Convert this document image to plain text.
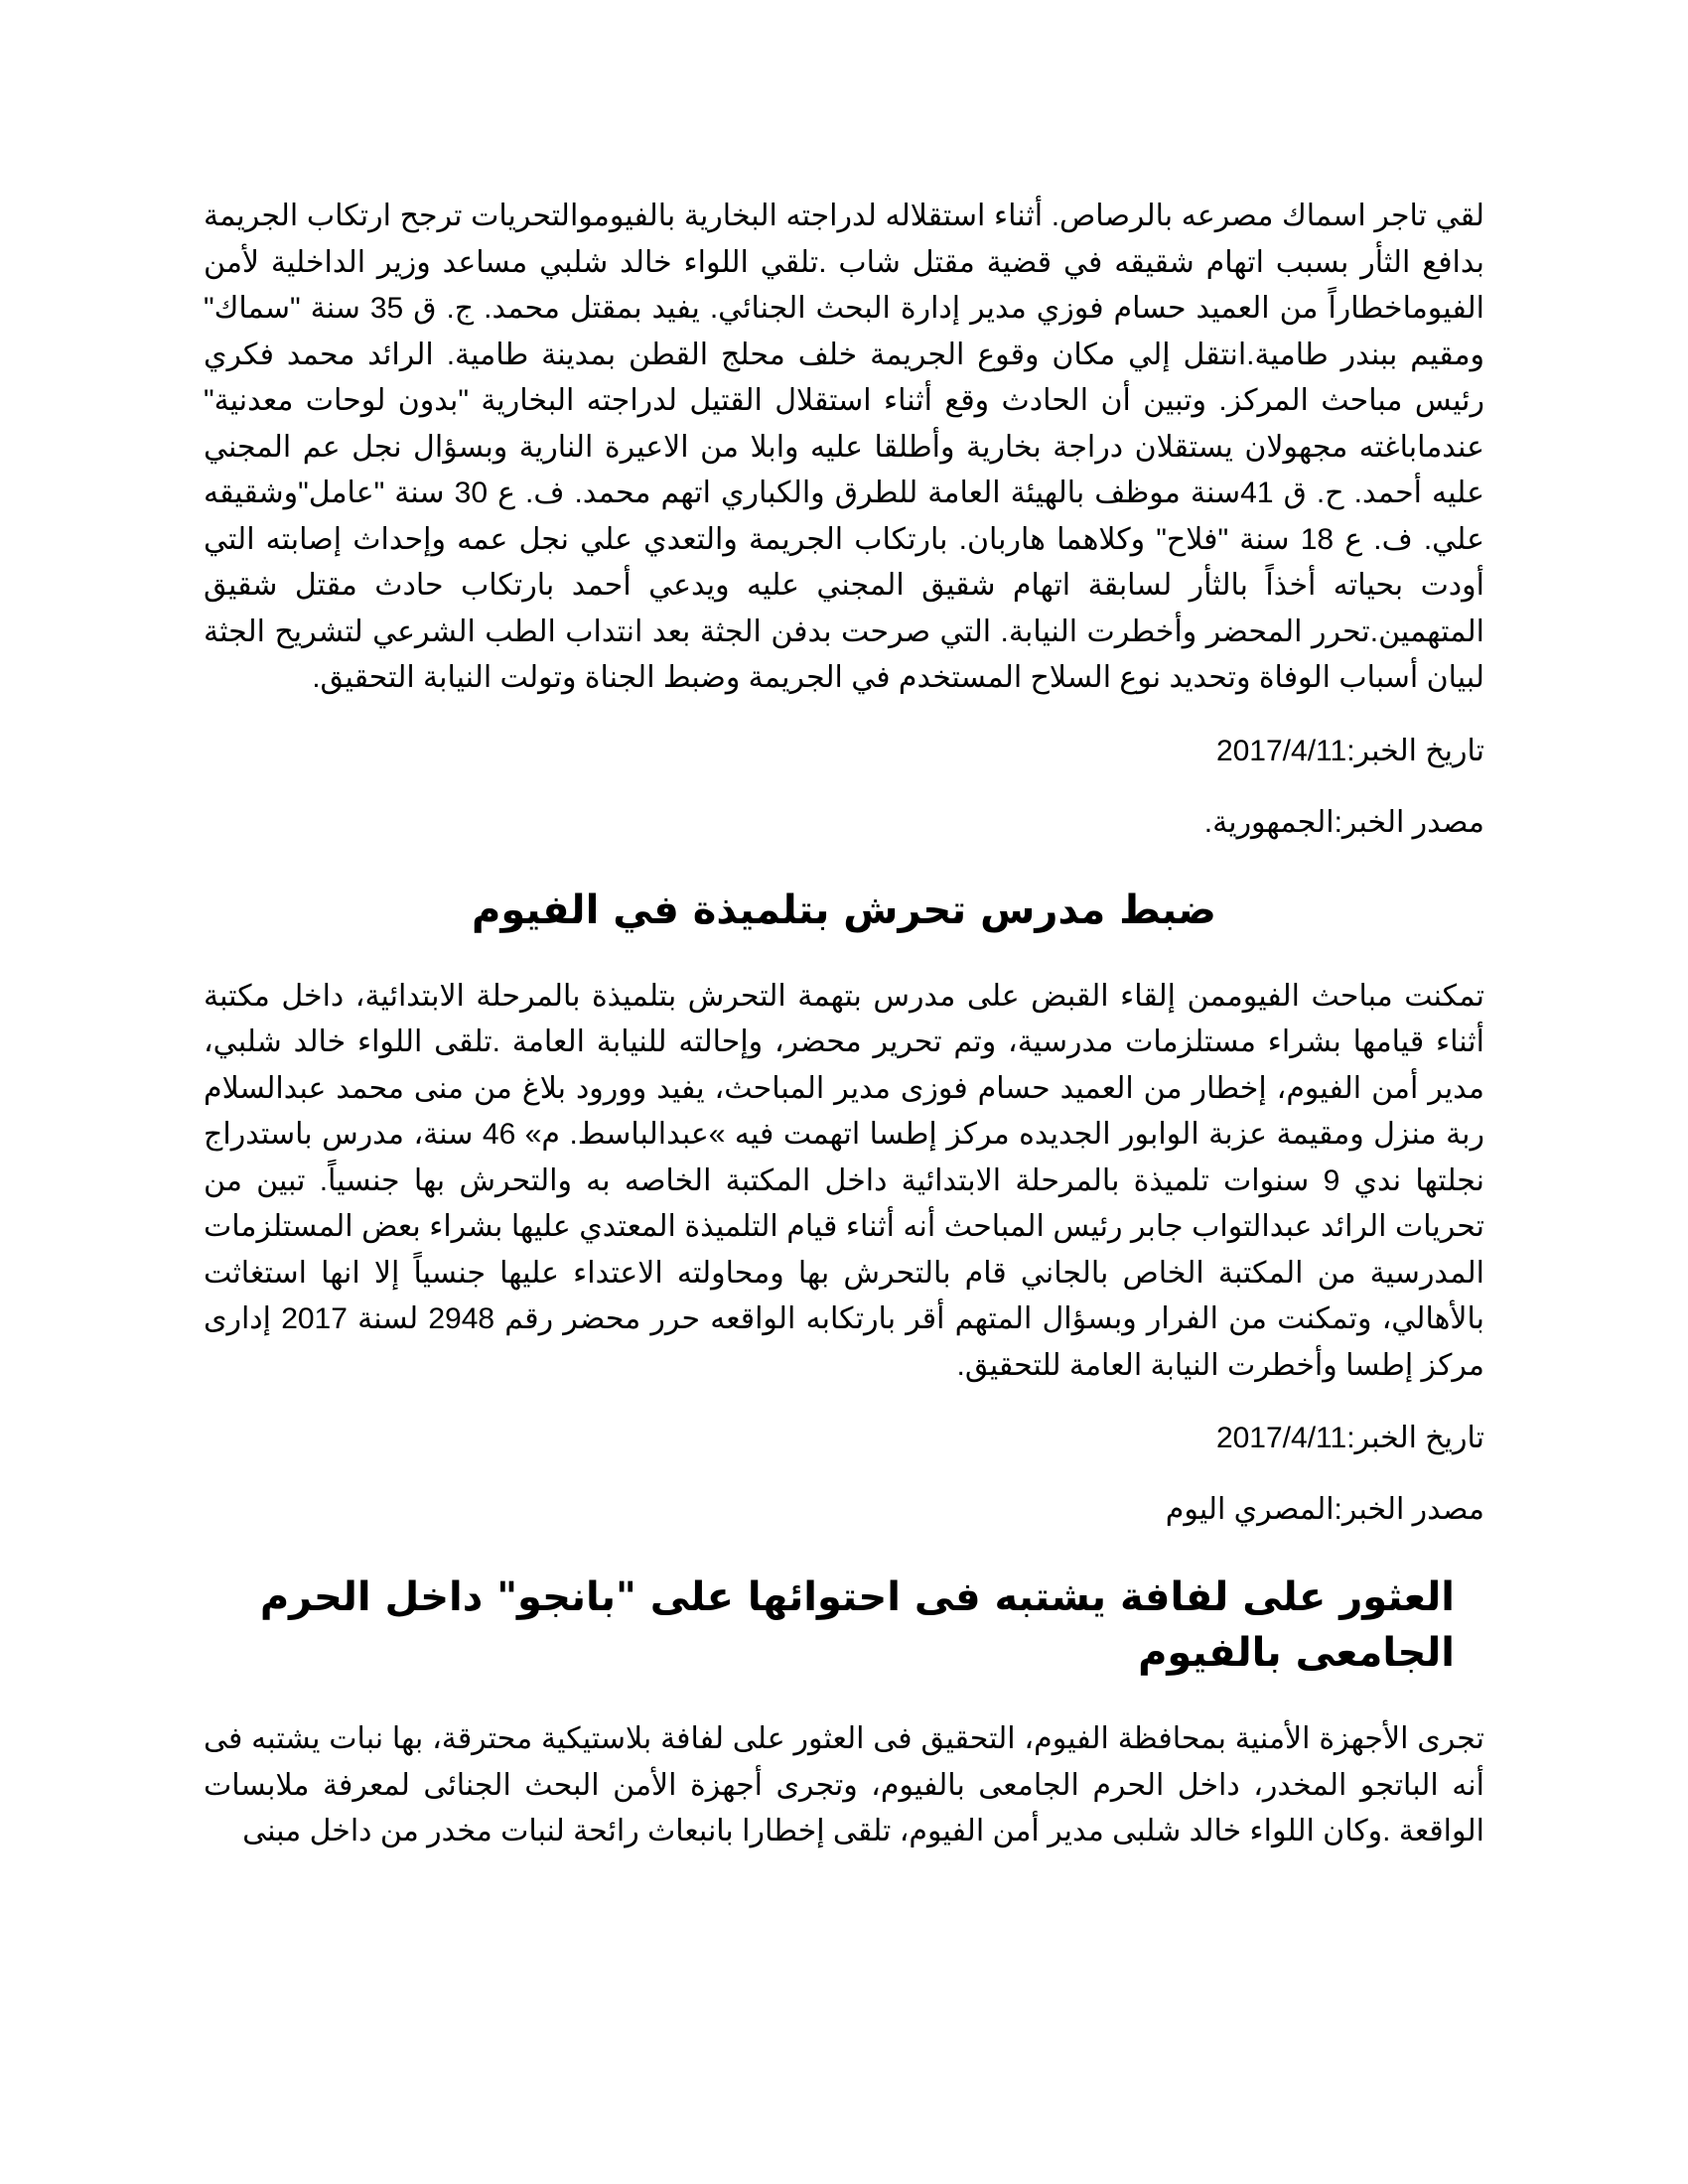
لقي تاجر اسماك مصرعه بالرصاص. أثناء استقلاله لدراجته البخارية بالفيوموالتحريات ترجح ارتكاب الجريمة بدافع الثأر بسبب اتهام شقيقه في قضية مقتل شاب .تلقي اللواء خالد شلبي مساعد وزير الداخلية لأمن الفيوماخطاراً من العميد حسام فوزي مدير إدارة البحث الجنائي. يفيد بمقتل محمد. ج. ق 35 سنة "سماك" ومقيم ببندر طامية.انتقل إلي مكان وقوع الجريمة خلف محلج القطن بمدينة طامية. الرائد محمد فكري رئيس مباحث المركز. وتبين أن الحادث وقع أثناء استقلال القتيل لدراجته البخارية "بدون لوحات معدنية" عندمابا‌غته مجهولان يستقلان دراجة بخارية وأطلقا عليه وابلا من الاعيرة النارية وبسؤال نجل عم المجني عليه أحمد. ح. ق 41سنة موظف بالهيئة العامة للطرق والكباري اتهم محمد. ف. ع 30 سنة "عامل"وشقيقه علي. ف. ع 18 سنة "فلاح" وكلاهما هاربان. بارتكاب الجريمة والتعدي علي نجل عمه وإحداث إصابته التي أودت بحياته أخذاً بالثأر لسابقة اتهام شقيق المجني عليه ويدعي أحمد بارتكاب حادث مقتل شقيق المتهمين.تحرر المحضر وأخطرت النيابة. التي صرحت بدفن الجثة بعد انتداب الطب الشرعي لتشريح الجثة لبيان أسباب الوفاة وتحديد نوع السلاح المستخدم في الجريمة وضبط الجناة وتولت النيابة التحقيق.

تاريخ الخبر:2017/4/11

مصدر الخبر:الجمهورية.

ضبط مدرس تحرش بتلميذة في الفيوم

تمكنت مباحث الفيوممن إلقاء القبض على مدرس بتهمة التحرش بتلميذة بالمرحلة الابتدائية، داخل مكتبة أثناء قيامها بشراء مستلزمات مدرسية، وتم تحرير محضر، وإحالته للنيابة العامة .تلقى اللواء خالد شلبي، مدير أمن الفيوم، إخطار من العميد حسام فوزى مدير المباحث، يفيد وورود بلاغ من منى محمد عبدالسلام ربة منزل ومقيمة عزبة الوابور الجديده مركز إطسا اتهمت فيه »عبدالباسط. م» 46 سنة، مدرس باستدراج نجلتها ندي 9 سنوات تلميذة بالمرحلة الابتدائية داخل المكتبة الخاصه به والتحرش بها جنسياً. تبين من تحريات الرائد عبدالتواب جابر رئيس المباحث أنه أثناء قيام التلميذة المعتدي عليها بشراء بعض المستلزمات المدرسية من المكتبة الخاص بالجاني قام بالتحرش بها ومحاولته الاعتداء عليها جنسياً إلا انها استغاثت بالأهالي، وتمكنت من الفرار وبسؤال المتهم أقر بارتكابه الواقعه حرر محضر رقم 2948 لسنة 2017 إدارى مركز إطسا وأخطرت النيابة العامة للتحقيق.

تاريخ الخبر:2017/4/11

مصدر الخبر:المصري اليوم

العثور على لفافة يشتبه فى احتوائها على "بانجو" داخل الحرم الجامعى بالفيوم

تجرى الأجهزة الأمنية بمحافظة الفيوم، التحقيق فى العثور على لفافة بلاستيكية محترقة، بها نبات يشتبه فى أنه الباتجو المخدر، داخل الحرم الجامعى بالفيوم، وتجرى أجهزة الأمن البحث الجنائى لمعرفة ملابسات الواقعة .وكان اللواء خالد شلبى مدير أمن الفيوم، تلقى إخطارا بانبعاث رائحة لنبات مخدر من داخل مبنى
